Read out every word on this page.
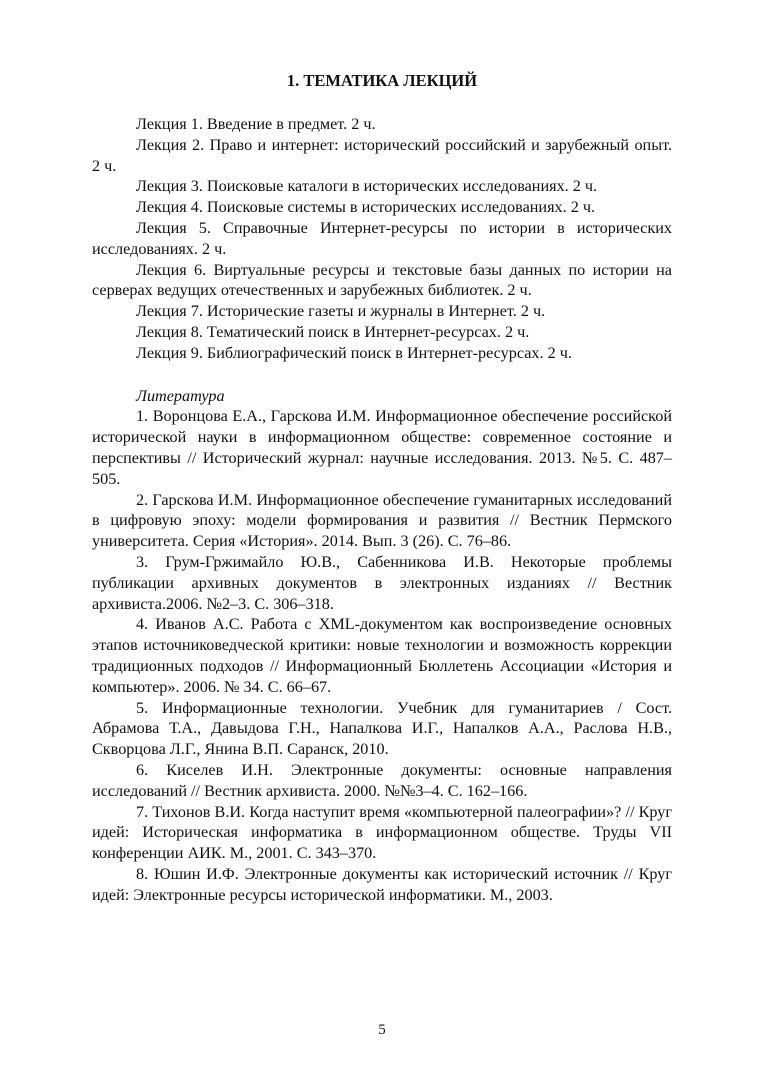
1. ТЕМАТИКА ЛЕКЦИЙ

Лекция 1. Введение в предмет. 2 ч.

Лекция 2. Право и интернет: исторический российский и зарубежный опыт. 2 ч.

Лекция 3. Поисковые каталоги в исторических исследованиях. 2 ч.

Лекция 4. Поисковые системы в исторических исследованиях. 2 ч.

Лекция 5. Справочные Интернет-ресурсы по истории в исторических исследованиях. 2 ч.

Лекция 6. Виртуальные ресурсы и текстовые базы данных по истории на серверах ведущих отечественных и зарубежных библиотек. 2 ч.

Лекция 7. Исторические газеты и журналы в Интернет. 2 ч.

Лекция 8. Тематический поиск в Интернет-ресурсах. 2 ч.

Лекция 9. Библиографический поиск в Интернет-ресурсах. 2 ч.

Литература

1. Воронцова Е.А., Гарскова И.М. Информационное обеспечение российской исторической науки в информационном обществе: современное состояние и перспективы // Исторический журнал: научные исследования. 2013. №5. С. 487–505.

2. Гарскова И.М. Информационное обеспечение гуманитарных исследований в цифровую эпоху: модели формирования и развития // Вестник Пермского университета. Серия «История». 2014. Вып. 3 (26). С. 76–86.

3. Грум-Гржимайло Ю.В., Сабенникова И.В. Некоторые проблемы публикации архивных документов в электронных изданиях // Вестник архивиста.2006. №2–3. С. 306–318.

4. Иванов А.С. Работа с XML-документом как воспроизведение основных этапов источниковедческой критики: новые технологии и возможность коррекции традиционных подходов // Информационный Бюллетень Ассоциации «История и компьютер». 2006. № 34. С. 66–67.

5. Информационные технологии. Учебник для гуманитариев / Сост. Абрамова Т.А., Давыдова Г.Н., Напалкова И.Г., Напалков А.А., Раслова Н.В., Скворцова Л.Г., Янина В.П. Саранск, 2010.

6. Киселев И.Н. Электронные документы: основные направления исследований // Вестник архивиста. 2000. №№3–4. С. 162–166.

7. Тихонов В.И. Когда наступит время «компьютерной палеографии»? // Круг идей: Историческая информатика в информационном обществе. Труды VII конференции АИК. М., 2001. С. 343–370.

8. Юшин И.Ф. Электронные документы как исторический источник // Круг идей: Электронные ресурсы исторической информатики. М., 2003.

5
